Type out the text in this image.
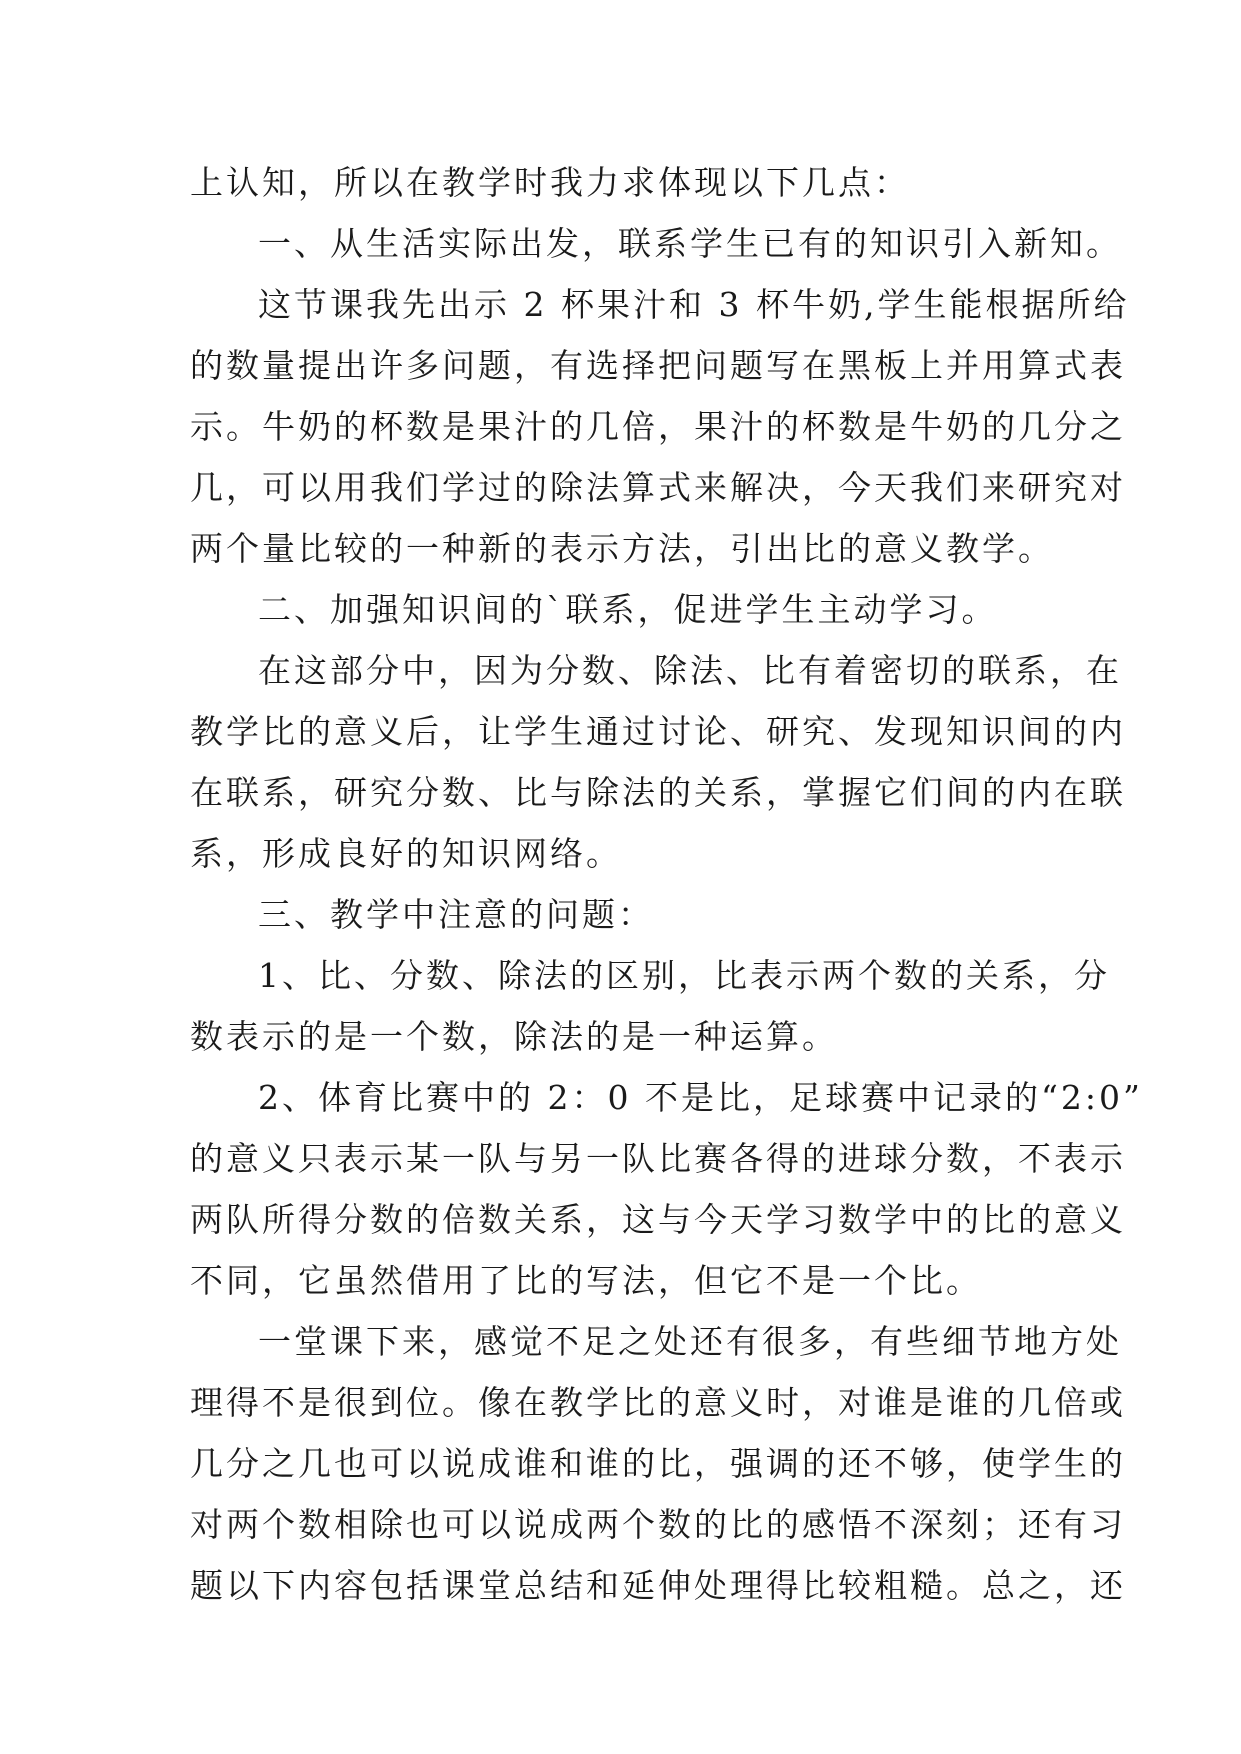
上认知，所以在教学时我力求体现以下几点：
一、从生活实际出发，联系学生已有的知识引入新知。
这节课我先出示 2 杯果汁和 3 杯牛奶,学生能根据所给
的数量提出许多问题，有选择把问题写在黑板上并用算式表
示。牛奶的杯数是果汁的几倍，果汁的杯数是牛奶的几分之
几，可以用我们学过的除法算式来解决，今天我们来研究对
两个量比较的一种新的表示方法，引出比的意义教学。
二、加强知识间的`联系，促进学生主动学习。
在这部分中，因为分数、除法、比有着密切的联系，在
教学比的意义后，让学生通过讨论、研究、发现知识间的内
在联系，研究分数、比与除法的关系，掌握它们间的内在联
系，形成良好的知识网络。
三、教学中注意的问题：
1、比、分数、除法的区别，比表示两个数的关系，分
数表示的是一个数，除法的是一种运算。
2、体育比赛中的 2：0 不是比，足球赛中记录的“2:0”
的意义只表示某一队与另一队比赛各得的进球分数，不表示
两队所得分数的倍数关系，这与今天学习数学中的比的意义
不同，它虽然借用了比的写法，但它不是一个比。
一堂课下来，感觉不足之处还有很多，有些细节地方处
理得不是很到位。像在教学比的意义时，对谁是谁的几倍或
几分之几也可以说成谁和谁的比，强调的还不够，使学生的
对两个数相除也可以说成两个数的比的感悟不深刻；还有习
题以下内容包括课堂总结和延伸处理得比较粗糙。总之，还
